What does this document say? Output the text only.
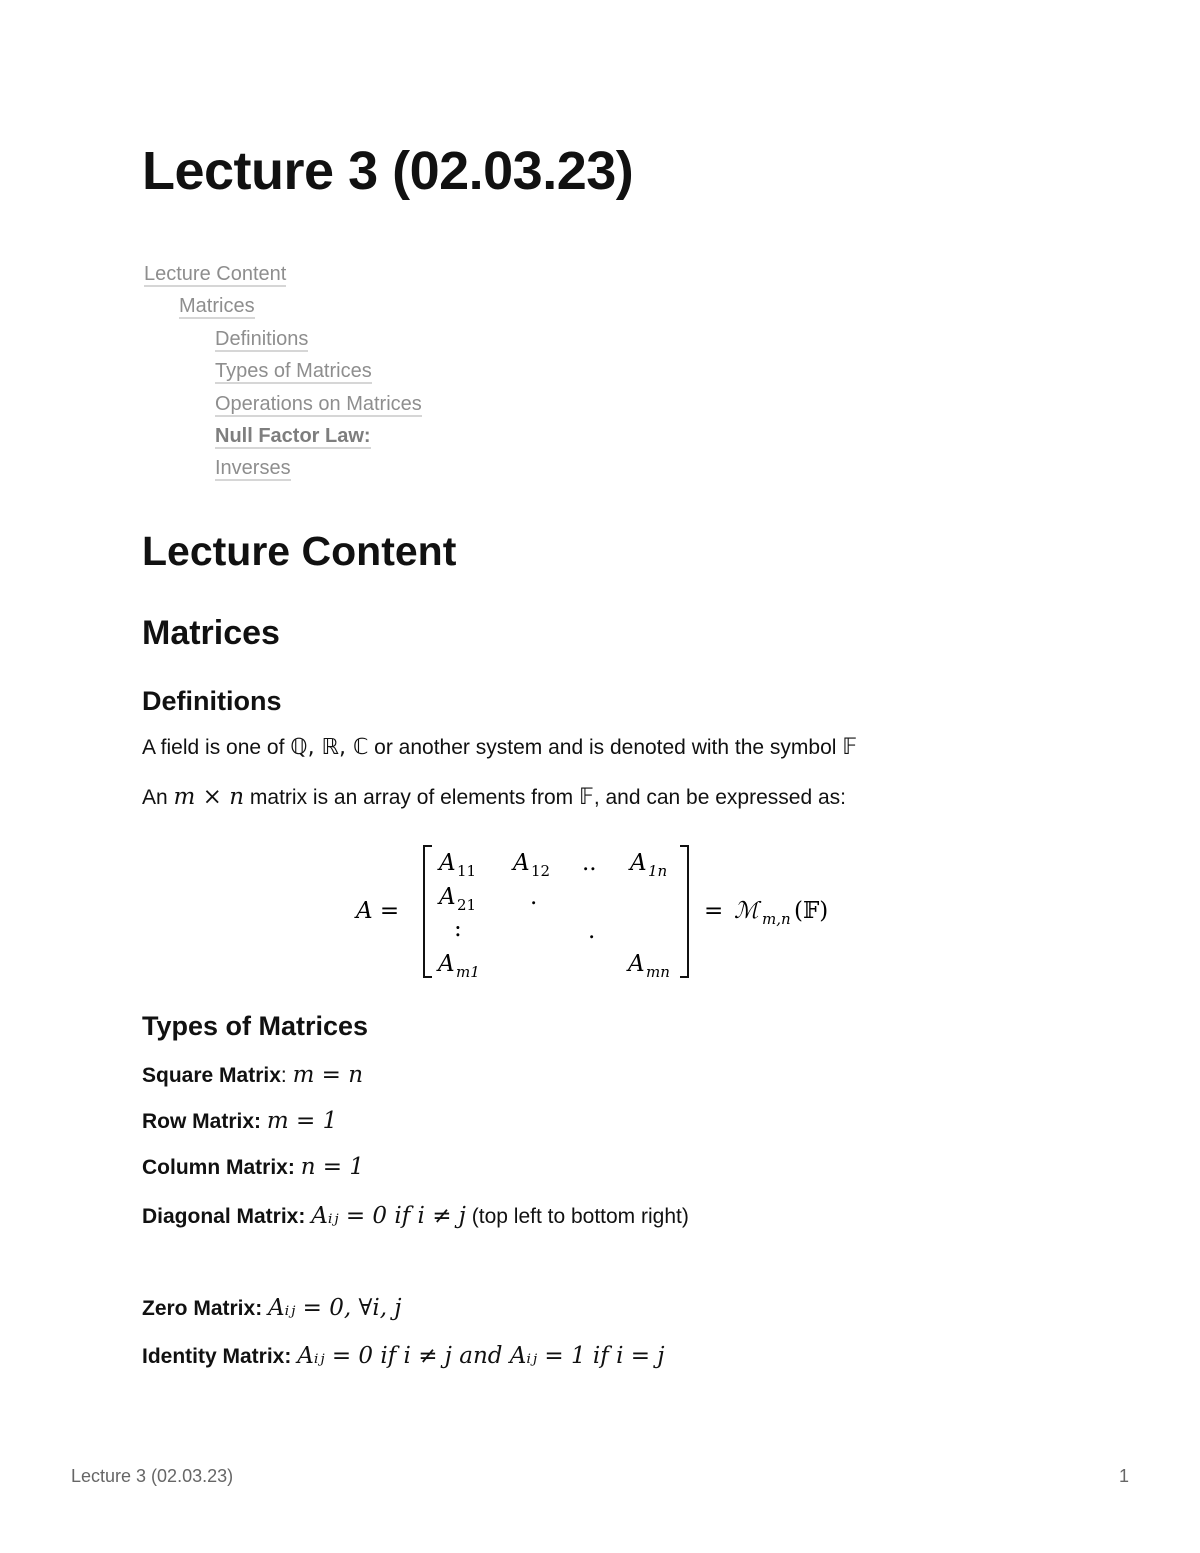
Lecture 3 (02.03.23)
Lecture Content
Matrices
Definitions
Types of Matrices
Operations on Matrices
Null Factor Law:
Inverses
Lecture Content
Matrices
Definitions

A field is one of ℚ, ℝ, ℂ or another system and is denoted with the symbol 𝔽

An m × n matrix is an array of elements from 𝔽, and can be expressed as:

A =
A 11 A 12 .. A 1n
A 21 .
:	.
A m1	A mn
= ℳ m,n (𝔽)
Types of Matrices

Square Matrix: m = n

Row Matrix: m = 1

Column Matrix: n = 1

Diagonal Matrix: Aᵢⱼ = 0 if i ≠ j (top left to bottom right)

Zero Matrix: Aᵢⱼ = 0, ∀i, j

Identity Matrix: Aᵢⱼ = 0 if i ≠ j and Aᵢⱼ = 1 if i = j

Lecture 3 (02.03.23)	1
